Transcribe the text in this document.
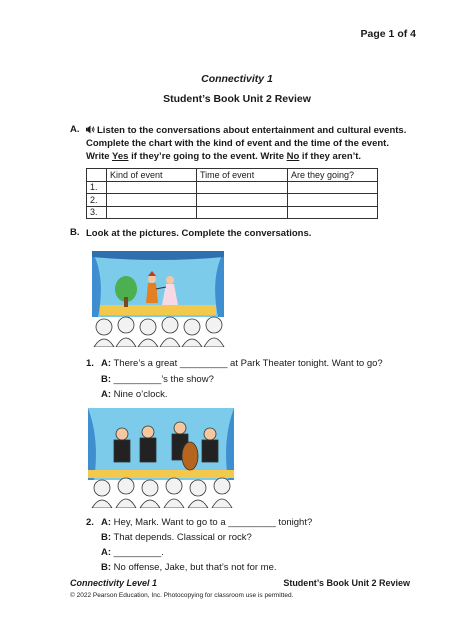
Page 1 of 4
Connectivity 1
Student’s Book Unit 2 Review
A.	Listen to the conversations about entertainment and cultural events.
Complete the chart with the kind of event and the time of the event.
Write Yes if they’re going to the event. Write No if they aren’t.
	Kind of event	Time of event	Are they going?
1.			
2.			
3.			
B. Look at the pictures. Complete the conversations.
1. A: There’s a great _________ at Park Theater tonight. Want to go?
B: _________’s the show?
A: Nine o’clock.
2. A: Hey, Mark. Want to go to a _________ tonight?
B: That depends. Classical or rock?
A: _________.
B: No offense, Jake, but that’s not for me.
Connectivity Level 1	Student’s Book Unit 2 Review
© 2022 Pearson Education, Inc. Photocopying for classroom use is permitted.
